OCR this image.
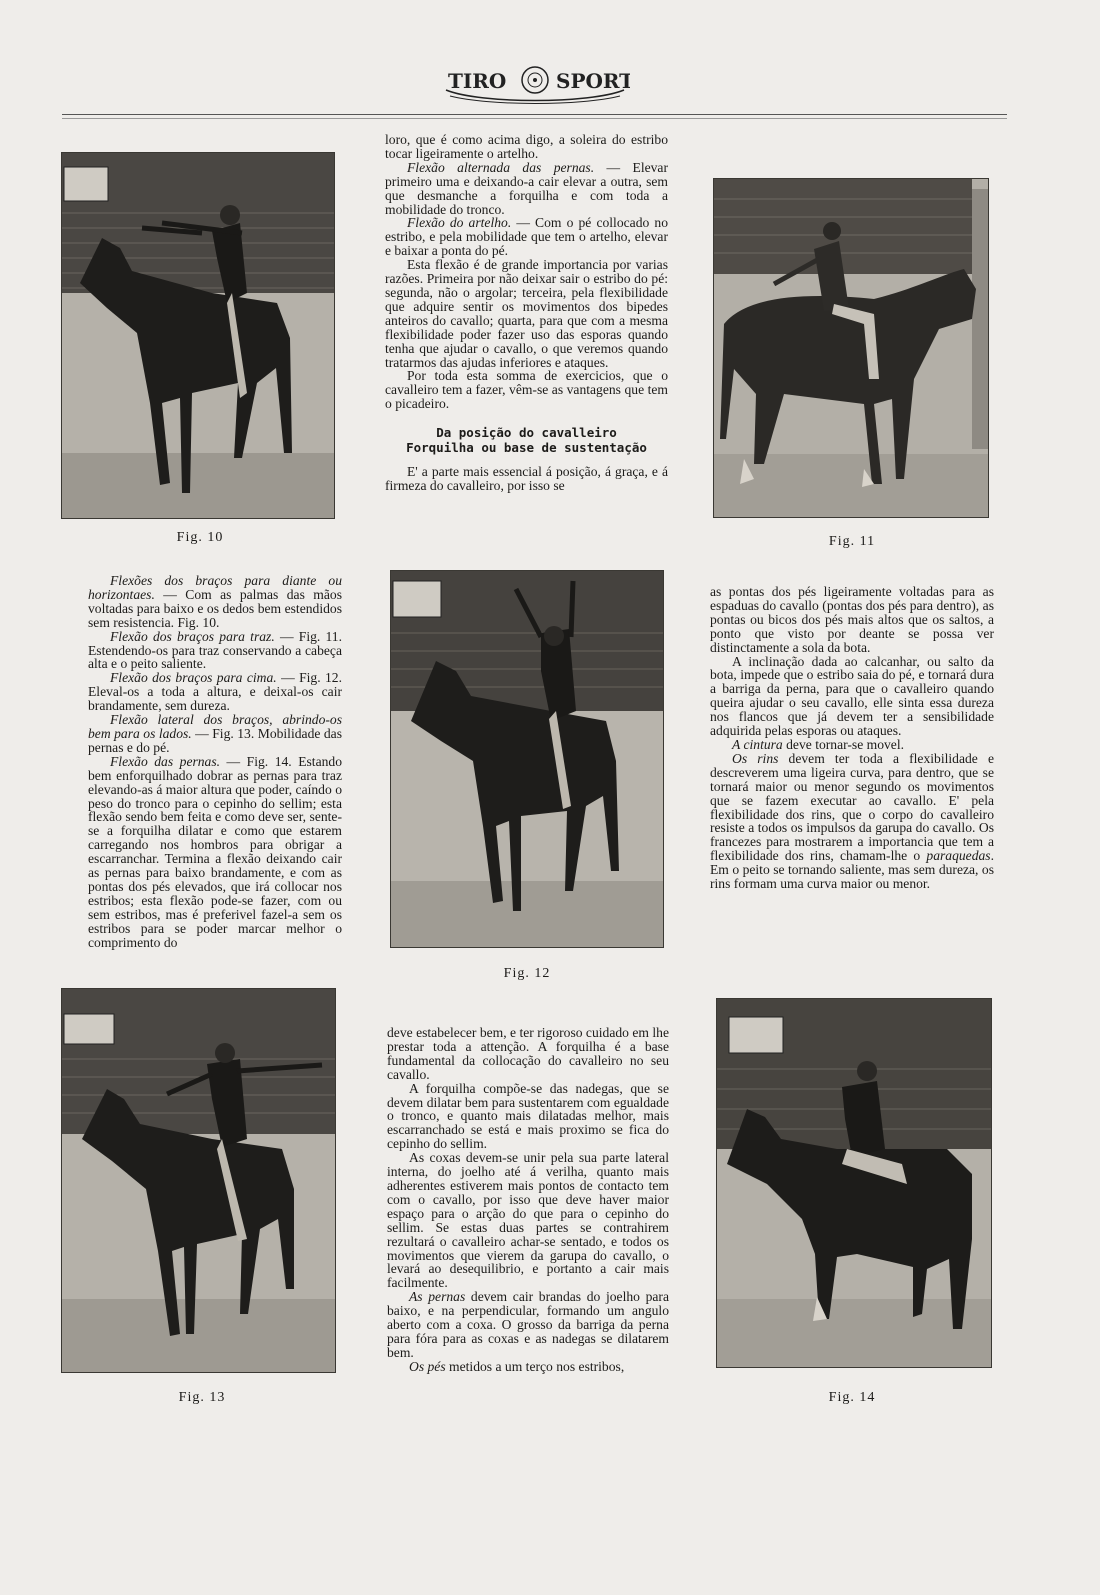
TIRO SPORT
Fig. 10	Fig. 11
Fig. 12
Fig. 13	Fig. 14

loro, que é como acima digo, a soleira do estribo tocar ligeiramente o artelho.

Flexão alternada das pernas. — Elevar primeiro uma e deixando-a cair elevar a outra, sem que desmanche a forquilha e com toda a mobilidade do tronco.

Flexão do artelho. — Com o pé collocado no estribo, e pela mobilidade que tem o artelho, elevar e baixar a ponta do pé.

Esta flexão é de grande importancia por varias razões. Primeira por não deixar sair o estribo do pé: segunda, não o argolar; terceira, pela flexibilidade que adquire sentir os movimentos dos bipedes anteiros do cavallo; quarta, para que com a mesma flexibilidade poder fazer uso das esporas quando tenha que ajudar o cavallo, o que veremos quando tratarmos das ajudas inferiores e ataques.

Por toda esta somma de exercicios, que o cavalleiro tem a fazer, vêm-se as vantagens que tem o picadeiro.

Da posição do cavalleiro
Forquilha ou base de sustentação

E' a parte mais essencial á posição, á graça, e á firmeza do cavalleiro, por isso se

Flexões dos braços para diante ou horizontaes. — Com as palmas das mãos voltadas para baixo e os dedos bem estendidos sem resistencia. Fig. 10.

Flexão dos braços para traz. — Fig. 11. Estendendo-os para traz conservando a cabeça alta e o peito saliente.

Flexão dos braços para cima. — Fig. 12. Eleval-os a toda a altura, e deixal-os cair brandamente, sem dureza.

Flexão lateral dos braços, abrindo-os bem para os lados. — Fig. 13. Mobilidade das pernas e do pé.

Flexão das pernas. — Fig. 14. Estando bem enforquilhado dobrar as pernas para traz elevando-as á maior altura que poder, caíndo o peso do tronco para o cepinho do sellim; esta flexão sendo bem feita e como deve ser, sente-se a forquilha dilatar e como que estarem carregando nos hombros para obrigar a escarranchar. Termina a flexão deixando cair as pernas para baixo brandamente, e com as pontas dos pés elevados, que irá collocar nos estribos; esta flexão pode-se fazer, com ou sem estribos, mas é preferivel fazel-a sem os estribos para se poder marcar melhor o comprimento do

as pontas dos pés ligeiramente voltadas para as espaduas do cavallo (pontas dos pés para dentro), as pontas ou bicos dos pés mais altos que os saltos, a ponto que visto por deante se possa ver distinctamente a sola da bota.

A inclinação dada ao calcanhar, ou salto da bota, impede que o estribo saia do pé, e tornará dura a barriga da perna, para que o cavalleiro quando queira ajudar o seu cavallo, elle sinta essa dureza nos flancos que já devem ter a sensibilidade adquirida pelas esporas ou ataques.

A cintura deve tornar-se movel.

Os rins devem ter toda a flexibilidade e descreverem uma ligeira curva, para dentro, que se tornará maior ou menor segundo os movimentos que se fazem executar ao cavallo. E' pela flexibilidade dos rins, que o corpo do cavalleiro resiste a todos os impulsos da garupa do cavallo. Os francezes para mostrarem a importancia que tem a flexibilidade dos rins, chamam-lhe o paraquedas. Em o peito se tornando saliente, mas sem dureza, os rins formam uma curva maior ou menor.

deve estabelecer bem, e ter rigoroso cuidado em lhe prestar toda a attenção. A forquilha é a base fundamental da collocação do cavalleiro no seu cavallo.

A forquilha compõe-se das nadegas, que se devem dilatar bem para sustentarem com egualdade o tronco, e quanto mais dilatadas melhor, mais escarranchado se está e mais proximo se fica do cepinho do sellim.

As coxas devem-se unir pela sua parte lateral interna, do joelho até á verilha, quanto mais adherentes estiverem mais pontos de contacto tem com o cavallo, por isso que deve haver maior espaço para o arção do que para o cepinho do sellim. Se estas duas partes se contrahirem rezultará o cavalleiro achar-se sentado, e todos os movimentos que vierem da garupa do cavallo, o levará ao desequilibrio, e portanto a cair mais facilmente.

As pernas devem cair brandas do joelho para baixo, e na perpendicular, formando um angulo aberto com a coxa. O grosso da barriga da perna para fóra para as coxas e as nadegas se dilatarem bem.

Os pés metidos a um terço nos estribos,
